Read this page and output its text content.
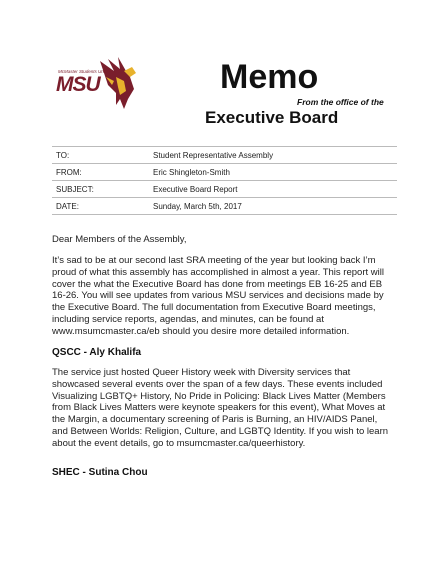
McMaster Students Union
MSU	Memo
From the office of the
Executive Board
TO:	Student Representative Assembly
FROM:	Eric Shingleton-Smith
SUBJECT:	Executive Board Report
DATE:	Sunday, March 5th, 2017
Dear Members of the Assembly,
It’s sad to be at our second last SRA meeting of the year but looking back I’m proud of what this assembly has accomplished in almost a year. This report will cover the what the Executive Board has done from meetings EB 16-25 and EB 16-26. You will see updates from various MSU services and decisions made by the Executive Board. The full documentation from Executive Board meetings, including service reports, agendas, and minutes, can be found at www.msumcmaster.ca/eb should you desire more detailed information.
QSCC - Aly Khalifa
The service just hosted Queer History week with Diversity services that showcased several events over the span of a few days. These events included Visualizing LGBTQ+ History, No Pride in Policing: Black Lives Matter (Members from Black Lives Matters were keynote speakers for this event), What Moves at the Margin, a documentary screening of Paris is Burning, an HIV/AIDS Panel, and Between Worlds: Religion, Culture, and LGBTQ Identity. If you wish to learn about the event details, go to msumcmaster.ca/queerhistory.
SHEC - Sutina Chou
